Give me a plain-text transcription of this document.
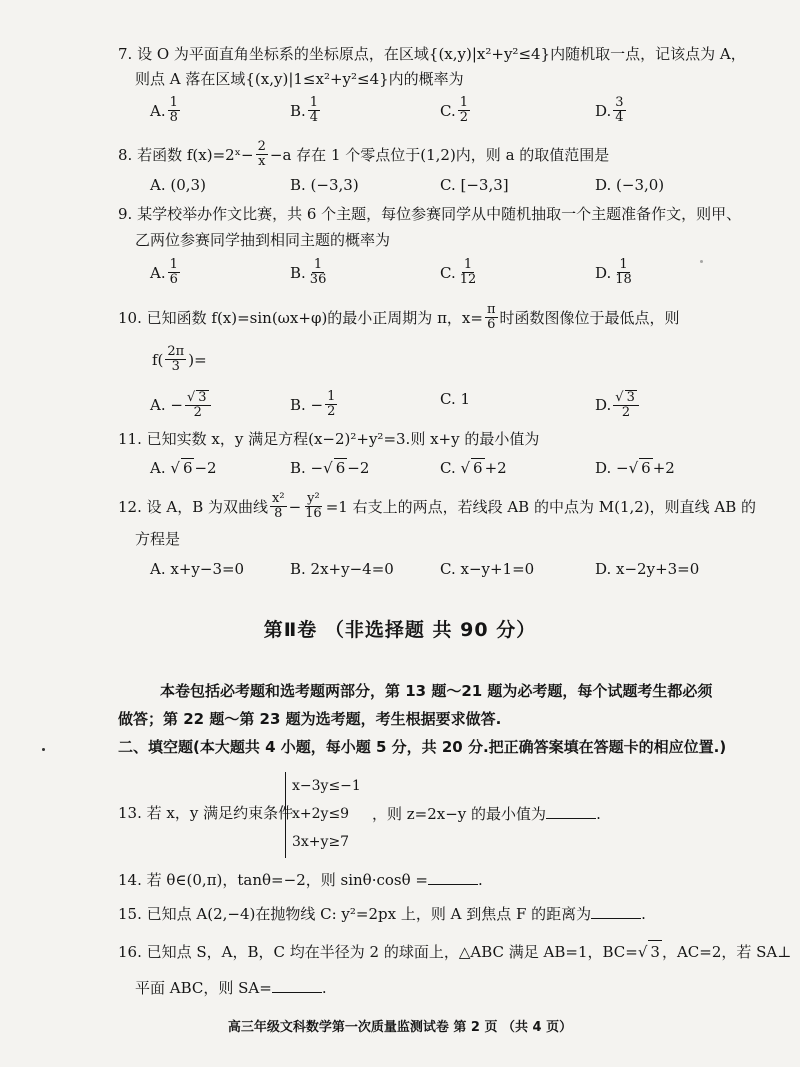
7. 设 O 为平面直角坐标系的坐标原点，在区域{(x,y)|x²+y²≤4}内随机取一点，记该点为 A，
则点 A 落在区域{(x,y)|1≤x²+y²≤4}内的概率为
A. $\frac{1}{8}$	B. $\frac{1}{4}$	C. $\frac{1}{2}$	D. $\frac{3}{4}$
8. 若函数 f(x)=2ˣ− $\frac{2}{x} -a$ 存在 1 个零点位于(1,2)内，则 a 的取值范围是
A. (0,3)	B. (−3,3)	C. [−3,3]	D. (−3,0)
9. 某学校举办作文比赛，共 6 个主题，每位参赛同学从中随机抽取一个主题准备作文，则甲、
乙两位参赛同学抽到相同主题的概率为
A. $\frac{1}{6}$	B. $\frac{1}{36}$	C. $\frac{1}{12}$	D. $\frac{1}{18}$
10. 已知函数 f(x)=sin(ωx+φ)的最小正周期为 π，$x= \frac{\pi}{6}$ 时函数图像位于最低点，则
$f( \frac{2\pi}{3}$ )=
A. − $\frac{√ 3}{2}$	B. − $\frac{1}{2}$	C. 1	D. $\frac{√ 3}{2}$
11. 已知实数 x，y 满足方程(x−2)²+y²=3.则 x+y 的最小值为
A. √ 6 −2	B. − √ 6 −2	C. √ 6 +2	D. − √ 6 +2
12. 设 A，B 为双曲线 $\frac{\text{x²}}{8} - \frac{\text{y²}}{16} =1$ 右支上的两点，若线段 AB 的中点为 M(1,2)，则直线 AB 的
方程是
A. x+y−3=0	B. 2x+y−4=0	C. x−y+1=0	D. x−2y+3=0
第Ⅱ卷 （非选择题 共 90 分）
本卷包括必考题和选考题两部分，第 13 题～21 题为必考题，每个试题考生都必须
做答；第 22 题～第 23 题为选考题，考生根据要求做答.
二、填空题(本大题共 4 小题，每小题 5 分，共 20 分.把正确答案填在答题卡的相应位置.)
13. 若 x，y 满足约束条件
x−3y≤−1
x+2y≤9
3x+y≥7
，则 z=2x−y 的最小值为	.
14. 若 θ∈(0,π)，tanθ=−2，则 sinθ·cosθ =	.
15. 已知点 A(2,−4)在抛物线 C: y²=2px 上，则 A 到焦点 F 的距离为	.
16. 已知点 S，A，B，C 均在半径为 2 的球面上，△ABC 满足 AB=1，BC=√ 3 ，AC=2，若 SA⊥
平面 ABC，则 SA=	.
高三年级文科数学第一次质量监测试卷 第 2 页 （共 4 页）
